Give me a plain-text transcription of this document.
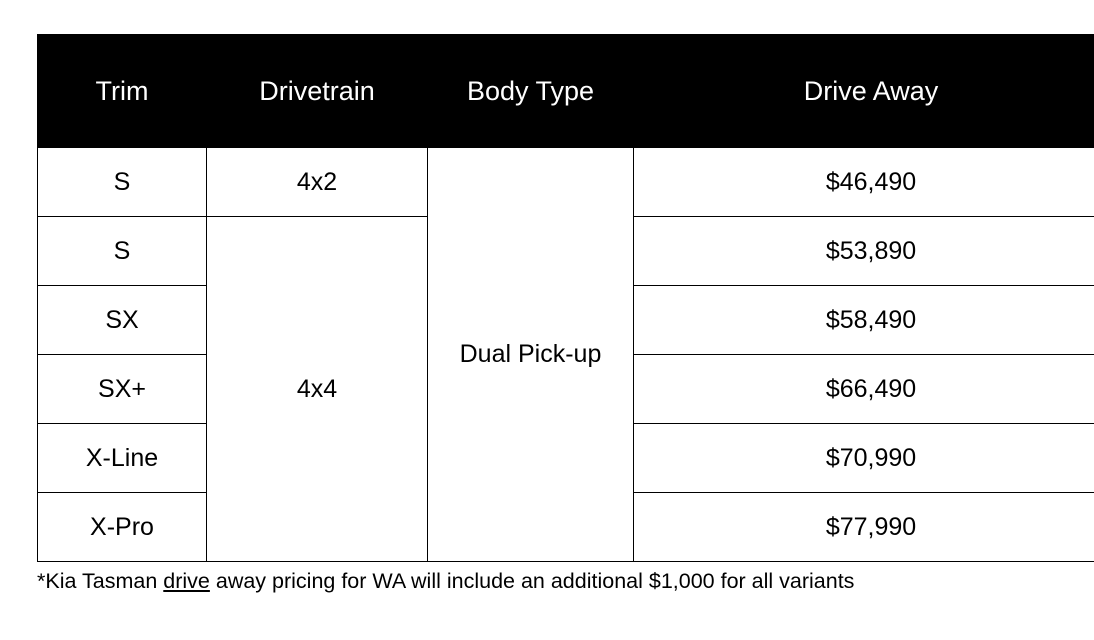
Trim	Drivetrain	Body Type	Drive Away
S	4x2	Dual Pick-up	$46,490
S	4x4		$53,890
SX			$58,490
SX+			$66,490
X-Line			$70,990
X-Pro			$77,990
*Kia Tasman drive away pricing for WA will include an additional $1,000 for all variants
